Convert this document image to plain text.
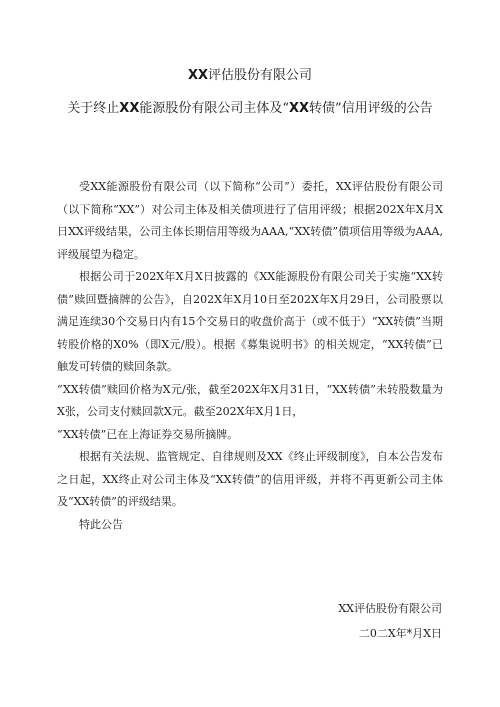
XX评估股份有限公司
关于终止XX能源股份有限公司主体及“XX转债”信用评级的公告

受XX能源股份有限公司（以下简称“公司”）委托，XX评估股份有限公司（以下简称“XX”）对公司主体及相关债项进行了信用评级；根据202X年X月X日XX评级结果，公司主体长期信用等级为AAA,“XX转债”债项信用等级为AAA,评级展望为稳定。

根据公司于202X年X月X日披露的《XX能源股份有限公司关于实施“XX转债”赎回暨摘牌的公告》，自202X年X月10日至202X年X月29日，公司股票以满足连续30个交易日内有15个交易日的收盘价高于（或不低于）“XX转债”当期转股价格的X0%（即X元/股）。根据《募集说明书》的相关规定，“XX转债”已触发可转债的赎回条款。

“XX转债”赎回价格为X元/张，截至202X年X月31日，“XX转债”未转股数量为X张，公司支付赎回款X元。截至202X年X月1日，

“XX转债”已在上海证券交易所摘牌。

根据有关法规、监管规定、自律规则及XX《终止评级制度》，自本公告发布之日起，XX终止对公司主体及“XX转债”的信用评级，并将不再更新公司主体及“XX转债”的评级结果。

特此公告

XX评估股份有限公司
二0二X年*月X日
